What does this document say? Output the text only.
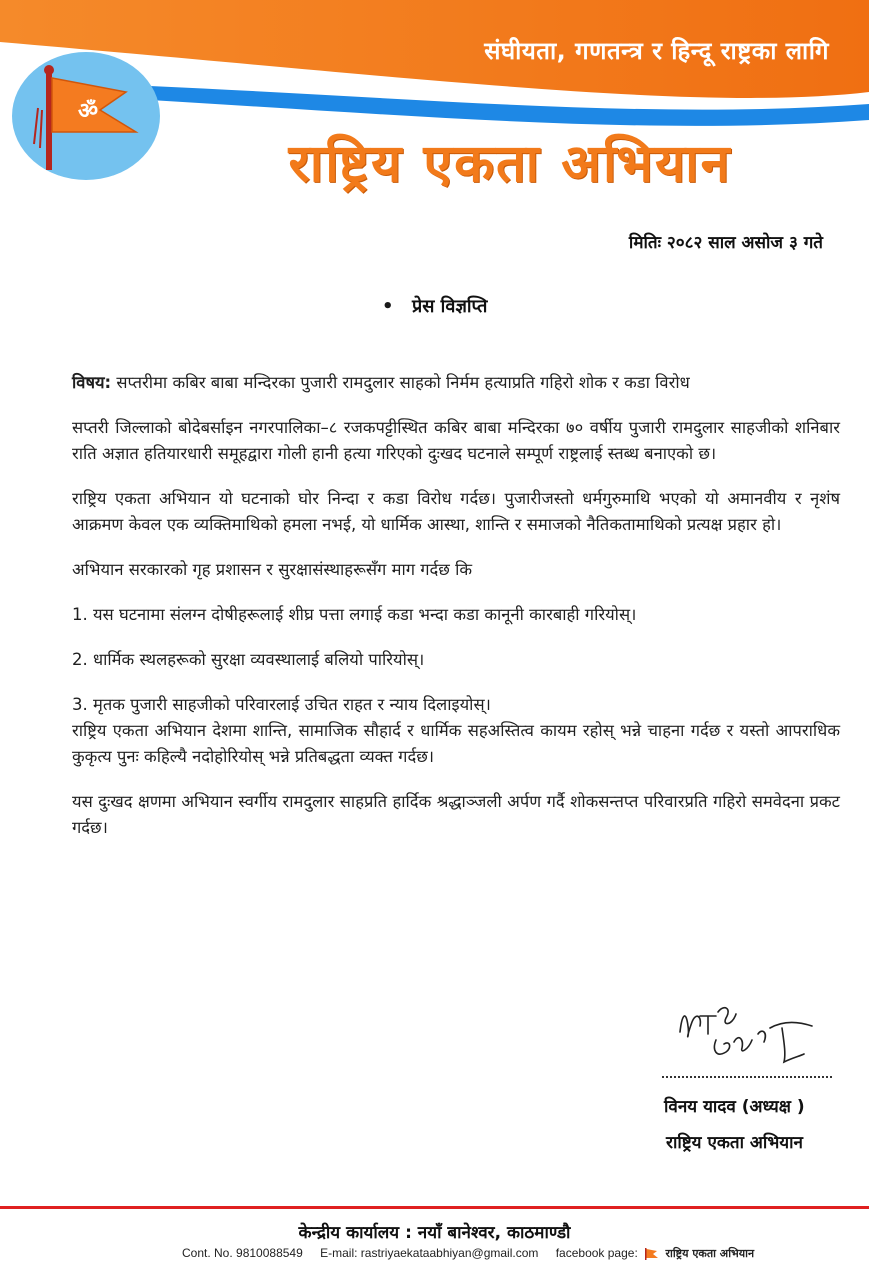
संघीयता, गणतन्त्र र हिन्दू राष्ट्रका लागि
ॐ
राष्ट्रिय एकता अभियान
मितिः २०८२ साल असोज ३ गते
• प्रेस विज्ञप्ति

विषय: सप्तरीमा कबिर बाबा मन्दिरका पुजारी रामदुलार साहको निर्मम हत्याप्रति गहिरो शोक र कडा विरोध

सप्तरी जिल्लाको बोदेबर्साइन नगरपालिका–८ रजकपट्टीस्थित कबिर बाबा मन्दिरका ७० वर्षीय पुजारी रामदुलार साहजीको शनिबार राति अज्ञात हतियारधारी समूहद्वारा गोली हानी हत्या गरिएको दुःखद घटनाले सम्पूर्ण राष्ट्रलाई स्तब्ध बनाएको छ।

राष्ट्रिय एकता अभियान यो घटनाको घोर निन्दा र कडा विरोध गर्दछ। पुजारीजस्तो धर्मगुरुमाथि भएको यो अमानवीय र नृशंष आक्रमण केवल एक व्यक्तिमाथिको हमला नभई, यो धार्मिक आस्था, शान्ति र समाजको नैतिकतामाथिको प्रत्यक्ष प्रहार हो।

अभियान सरकारको गृह प्रशासन र सुरक्षासंस्थाहरूसँग माग गर्दछ कि

1. यस घटनामा संलग्न दोषीहरूलाई शीघ्र पत्ता लगाई कडा भन्दा कडा कानूनी कारबाही गरियोस्।

2. धार्मिक स्थलहरूको सुरक्षा व्यवस्थालाई बलियो पारियोस्।

3. मृतक पुजारी साहजीको परिवारलाई उचित राहत र न्याय दिलाइयोस्।

राष्ट्रिय एकता अभियान देशमा शान्ति, सामाजिक सौहार्द र धार्मिक सहअस्तित्व कायम रहोस् भन्ने चाहना गर्दछ र यस्तो आपराधिक कुकृत्य पुनः कहिल्यै नदोहोरियोस् भन्ने प्रतिबद्धता व्यक्त गर्दछ।

यस दुःखद क्षणमा अभियान स्वर्गीय रामदुलार साहप्रति हार्दिक श्रद्धाञ्जली अर्पण गर्दै शोकसन्तप्त परिवारप्रति गहिरो समवेदना प्रकट गर्दछ।

विनय यादव (अध्यक्ष )
राष्ट्रिय एकता अभियान
केन्द्रीय कार्यालय : नयाँ बानेश्वर, काठमाण्डौ
Cont. No. 9810088549 E-mail: rastriyaekataabhiyan@gmail.com facebook page:	राष्ट्रिय एकता अभियान
